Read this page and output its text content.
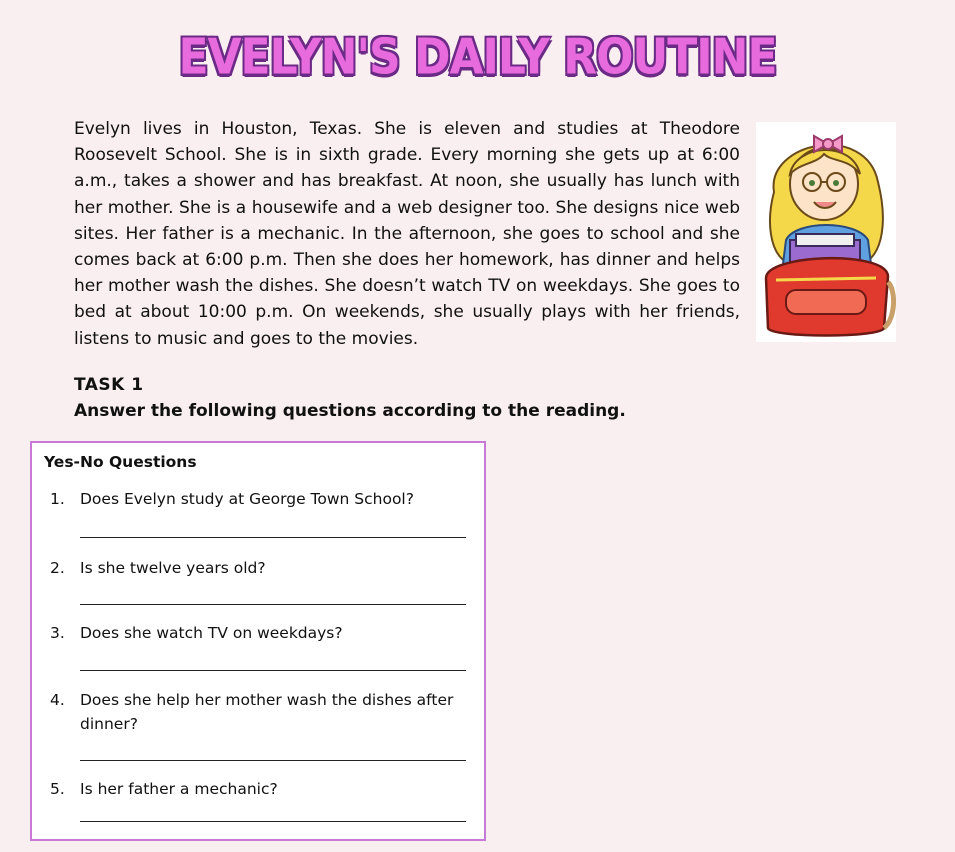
EVELYN'S DAILY ROUTINE
Evelyn lives in Houston, Texas. She is eleven and studies at Theodore Roosevelt School. She is in sixth grade. Every morning she gets up at 6:00 a.m., takes a shower and has breakfast. At noon, she usually has lunch with her mother. She is a housewife and a web designer too. She designs nice web sites. Her father is a mechanic. In the afternoon, she goes to school and she comes back at 6:00 p.m. Then she does her homework, has dinner and helps her mother wash the dishes. She doesn’t watch TV on weekdays. She goes to bed at about 10:00 p.m. On weekends, she usually plays with her friends, listens to music and goes to the movies.
TASK 1
Answer the following questions according to the reading.
Yes-No Questions
1. Does Evelyn study at George Town School?
2. Is she twelve years old?
3. Does she watch TV on weekdays?
4. Does she help her mother wash the dishes after dinner?
5. Is her father a mechanic?
